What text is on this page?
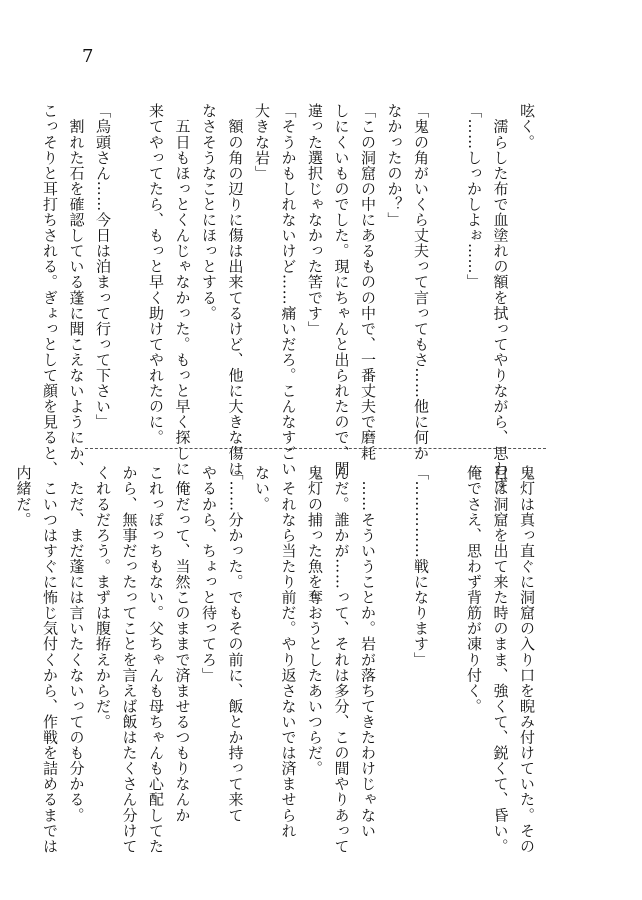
7
呟く。
　濡らした布で血塗れの額を拭ってやりながら、思わず
「……しっかしよぉ……」

「鬼の角がいくら丈夫って言ってもさ……他に何か
なかったのか？」
「この洞窟の中にあるものの中で、一番丈夫で磨耗
しにくいものでした。現にちゃんと出られたので、間
違った選択じゃなかった筈です」
「そうかもしれないけど……痛いだろ。こんなすごい
大きな岩」
　額の角の辺りに傷は出来てるけど、他に大きな傷は
なさそうなことにほっとする。
　五日もほっとくんじゃなかった。もっと早く探しに
来てやってたら、もっと早く助けてやれたのに。

「烏頭さん……今日は泊まって行って下さい」
　割れた石を確認している蓬に聞こえないようにか、
こっそりと耳打ちされる。ぎょっとして顔を見ると、
鬼灯は真っ直ぐに洞窟の入り口を睨み付けていた。その
目は洞窟を出て来た時のまま、強くて、鋭くて、昏い。
俺でさえ、思わず背筋が凍り付く。

「……………戦になります」

　……そういうことか。岩が落ちてきたわけじゃない
んだ。誰かが……って、それは多分、この間やりあって
鬼灯の捕った魚を奪おうとしたあいつらだ。
　それなら当たり前だ。やり返さないでは済ませられ
ない。
「……分かった。でもその前に、飯とか持って来て
やるから、ちょっと待ってろ」
　俺だって、当然このままで済ませるつもりなんか
これっぽっちもない。父ちゃんも母ちゃんも心配してた
から、無事だったってことを言えば飯はたくさん分けて
くれるだろう。まずは腹拵えからだ。
　ただ、まだ蓬には言いたくないってのも分かる。
　こいつはすぐに怖じ気付くから、作戦を詰めるまでは
内緒だ。
